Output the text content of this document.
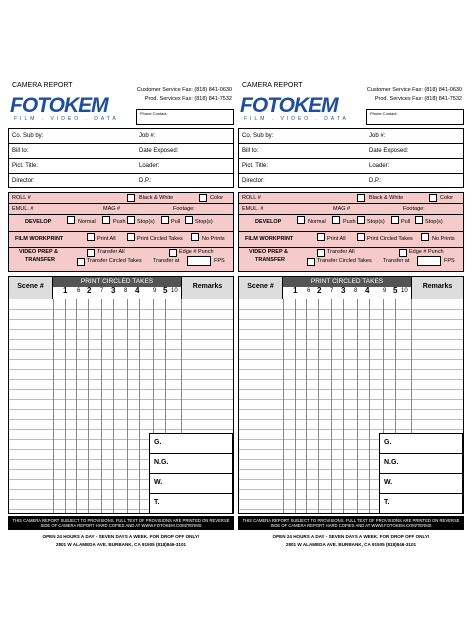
CAMERA REPORT
Customer Service Fax: (818) 841-0630
Prod. Services Fax: (818) 841-7532
FOTOKEM
FILM . VIDEO . DATA
Phone Contact:
Co. Sub by:	Job #:
Bill to:	Date Exposed:
Pict. Title:	Loader:
Director:	D.P.:
ROLL #	Black & White	Color
EMUL. #	MAG #	Footage:
DEVELOP	Normal	Push Stop(s)	Pull	Stop(s)
FILM WORKPRINT	Print All	Print Circled Takes	No Prints
VIDEO PREP &
TRANSFER
Transfer All	Edge # Punch
Transfer Circled Takes Transfer at	FPS
Scene #
PRINT CIRCLED TAKES
1 6 2 7 3 8 4 9 5 10
Remarks
G.
N.G.
W.
T.
THIS CAMERA REPORT SUBJECT TO PROVISIONS. FULL TEXT OF PROVISIONS ARE PRINTED ON REVERSE SIDE OF CAMERA REPORT HARD COPIES AND AT WWW.FOTOKEM.COM/TERMS
OPEN 24 HOURS A DAY - SEVEN DAYS A WEEK. FOR DROP OFF ONLY!
2801 W ALAMEDA AVE. BURBANK, CA 91505 (818)846-3101
CAMERA REPORT
Customer Service Fax: (818) 841-0630
Prod. Services Fax: (818) 841-7532
FOTOKEM
FILM . VIDEO . DATA
Phone Contact:
Co. Sub by:	Job #:
Bill to:	Date Exposed:
Pict. Title:	Loader:
Director:	D.P.:
ROLL #	Black & White	Color
EMUL. #	MAG #	Footage:
DEVELOP	Normal	Push Stop(s)	Pull	Stop(s)
FILM WORKPRINT	Print All	Print Circled Takes	No Prints
VIDEO PREP &
TRANSFER
Transfer All	Edge # Punch
Transfer Circled Takes Transfer at	FPS
Scene #
PRINT CIRCLED TAKES
1 6 2 7 3 8 4 9 5 10
Remarks
G.
N.G.
W.
T.
THIS CAMERA REPORT SUBJECT TO PROVISIONS. FULL TEXT OF PROVISIONS ARE PRINTED ON REVERSE SIDE OF CAMERA REPORT HARD COPIES AND AT WWW.FOTOKEM.COM/TERMS
OPEN 24 HOURS A DAY - SEVEN DAYS A WEEK. FOR DROP OFF ONLY!
2801 W ALAMEDA AVE. BURBANK, CA 91505 (818)846-3101
